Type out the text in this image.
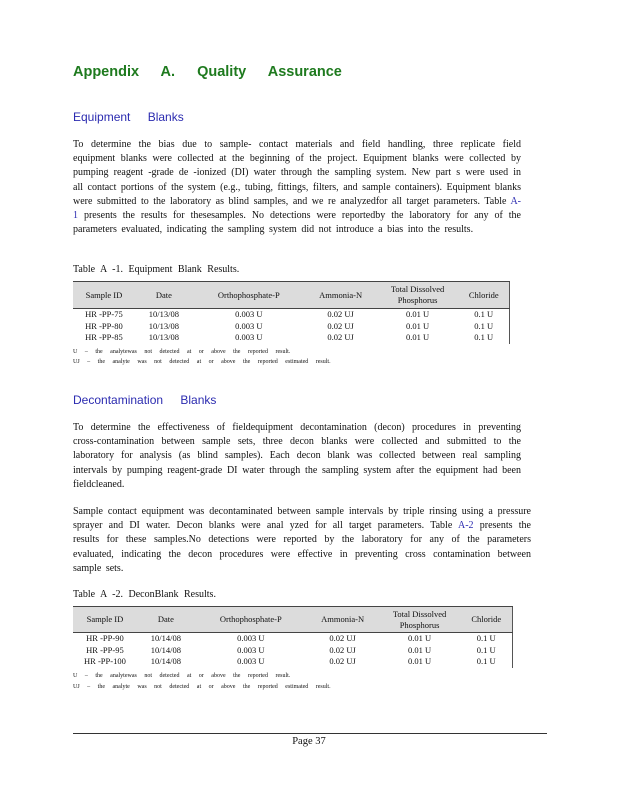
Appendix A. Quality Assurance
Equipment Blanks

To determine the bias due to sample- contact materials and field handling, three replicate field equipment blanks were collected at the beginning of the project. Equipment blanks were collected by pumping reagent -grade de -ionized (DI) water through the sampling system. New part s were used in all contact portions of the system (e.g., tubing, fittings, filters, and sample containers). Equipment blanks were submitted to the laboratory as blind samples, and we re analyzedfor all target parameters. Table A-1 presents the results for thesesamples. No detections were reportedby the laboratory for any of the parameters evaluated, indicating the sampling system did not introduce a bias into the results.

Table A -1. Equipment Blank Results.
Sample ID	Date	Orthophosphate-P	Ammonia-N	Total Dissolved Phosphorus	Chloride
HR -PP-75	10/13/08	0.003 U	0.02 UJ	0.01 U	0.1 U
HR -PP-80	10/13/08	0.003 U	0.02 UJ	0.01 U	0.1 U
HR -PP-85	10/13/08	0.003 U	0.02 UJ	0.01 U	0.1 U
U – the analytewas not detected at or above the reported result.
UJ – the analyte was not detected at or above the reported estimated result.
Decontamination Blanks

To determine the effectiveness of fieldequipment decontamination (decon) procedures in preventing cross-contamination between sample sets, three decon blanks were collected and submitted to the laboratory for analysis (as blind samples). Each decon blank was collected between real sampling intervals by pumping reagent-grade DI water through the sampling system after the equipment had been fieldcleaned.

Sample contact equipment was decontaminated between sample intervals by triple rinsing using a pressure sprayer and DI water. Decon blanks were anal yzed for all target parameters. Table A-2 presents the results for these samples.No detections were reported by the laboratory for any of the parameters evaluated, indicating the decon procedures were effective in preventing cross contamination between sample sets.

Table A -2. DeconBlank Results.
Sample ID	Date	Orthophosphate-P	Ammonia-N	Total Dissolved Phosphorus	Chloride
HR -PP-90	10/14/08	0.003 U	0.02 UJ	0.01 U	0.1 U
HR -PP-95	10/14/08	0.003 U	0.02 UJ	0.01 U	0.1 U
HR -PP-100	10/14/08	0.003 U	0.02 UJ	0.01 U	0.1 U
U – the analytewas not detected at or above the reported result.
UJ – the analyte was not detected at or above the reported estimated result.
Page 37
